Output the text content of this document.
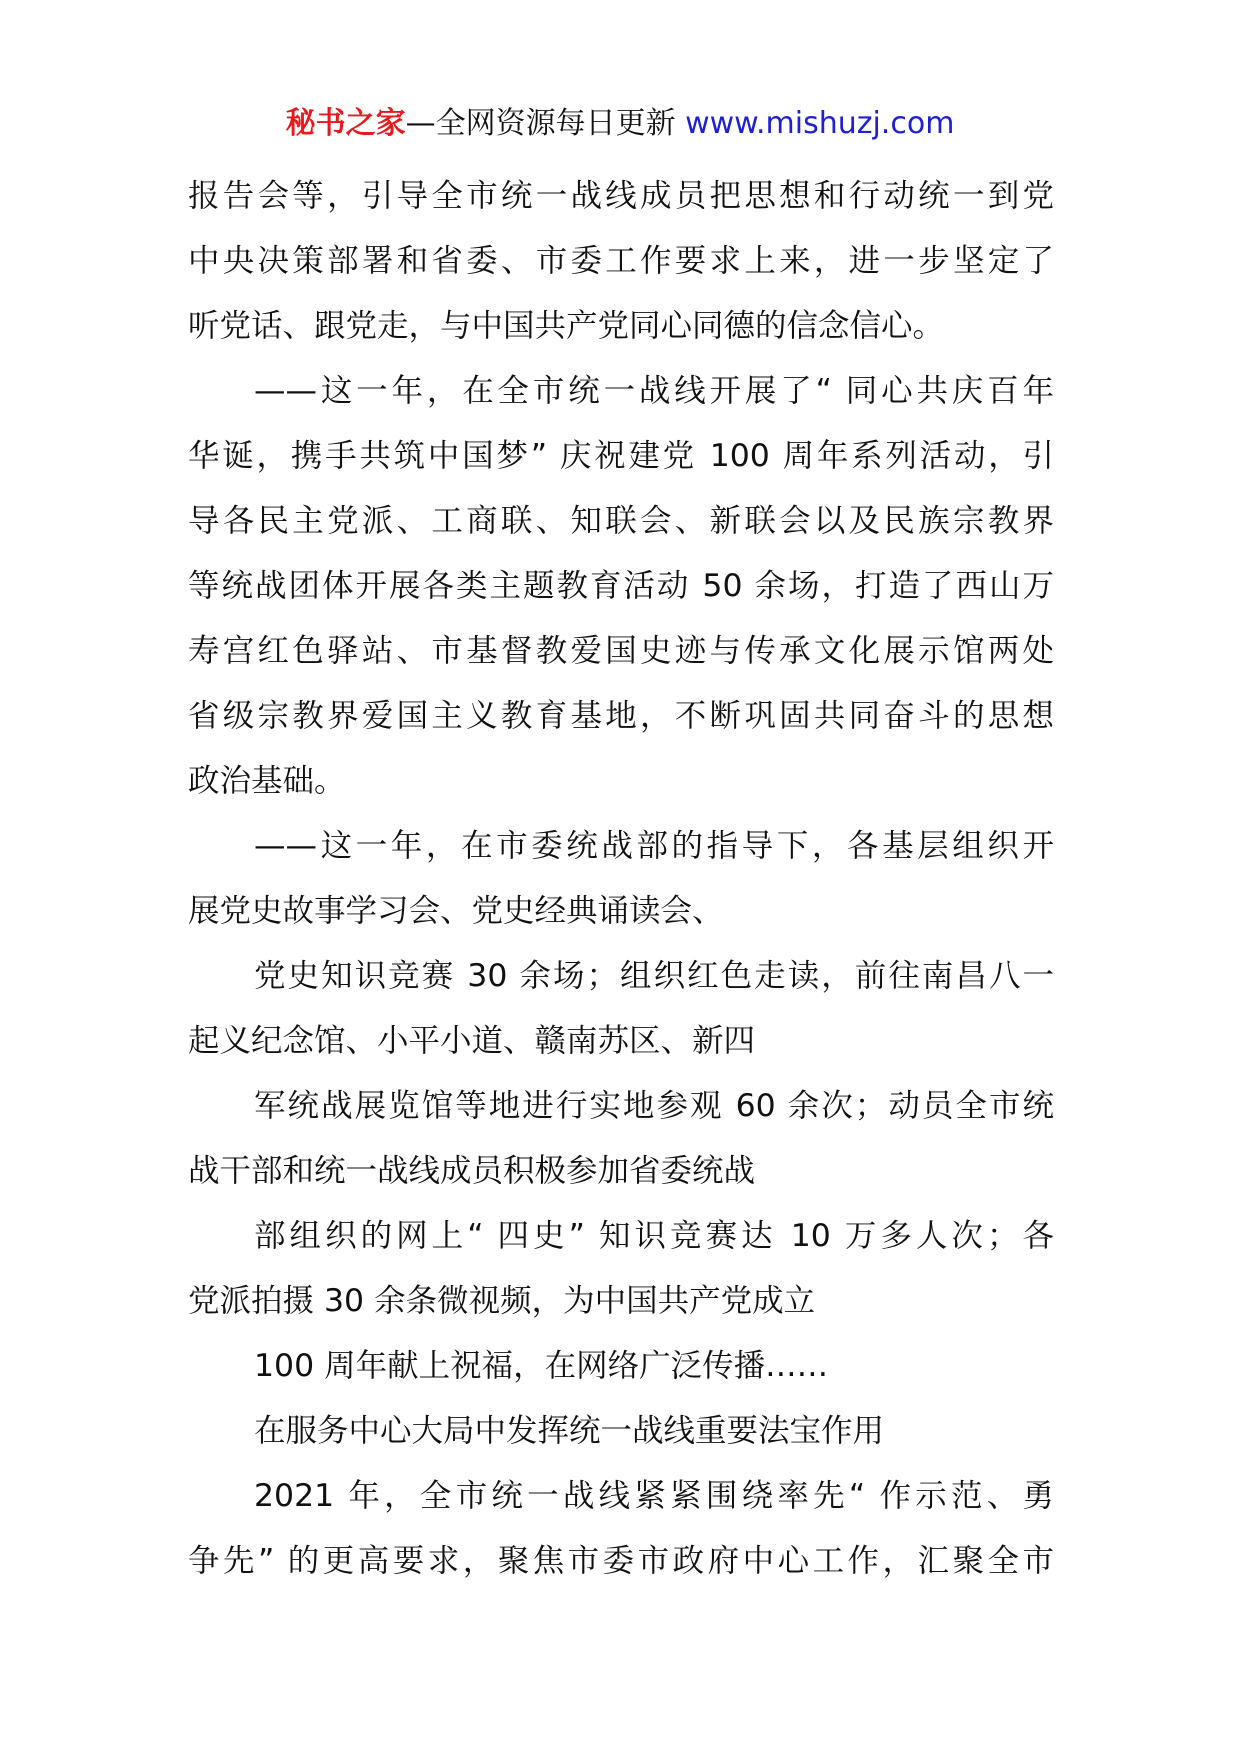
秘书之家—全网资源每日更新 www.mishuzj.com
报告会等，引导全市统一战线成员把思想和行动统一到党
中央决策部署和省委、市委工作要求上来，进一步坚定了
听党话、跟党走，与中国共产党同心同德的信念信心。
——这一年，在全市统一战线开展了“ 同心共庆百年
华诞，携手共筑中国梦” 庆祝建党 100 周年系列活动，引
导各民主党派、工商联、知联会、新联会以及民族宗教界
等统战团体开展各类主题教育活动 50 余场，打造了西山万
寿宫红色驿站、市基督教爱国史迹与传承文化展示馆两处
省级宗教界爱国主义教育基地，不断巩固共同奋斗的思想
政治基础。
——这一年，在市委统战部的指导下，各基层组织开
展党史故事学习会、党史经典诵读会、
党史知识竞赛 30 余场；组织红色走读，前往南昌八一
起义纪念馆、小平小道、赣南苏区、新四
军统战展览馆等地进行实地参观 60 余次；动员全市统
战干部和统一战线成员积极参加省委统战
部组织的网上“ 四史” 知识竞赛达 10 万多人次；各
党派拍摄 30 余条微视频，为中国共产党成立
100 周年献上祝福，在网络广泛传播……
在服务中心大局中发挥统一战线重要法宝作用
2021 年，全市统一战线紧紧围绕率先“ 作示范、勇
争先” 的更高要求，聚焦市委市政府中心工作，汇聚全市
